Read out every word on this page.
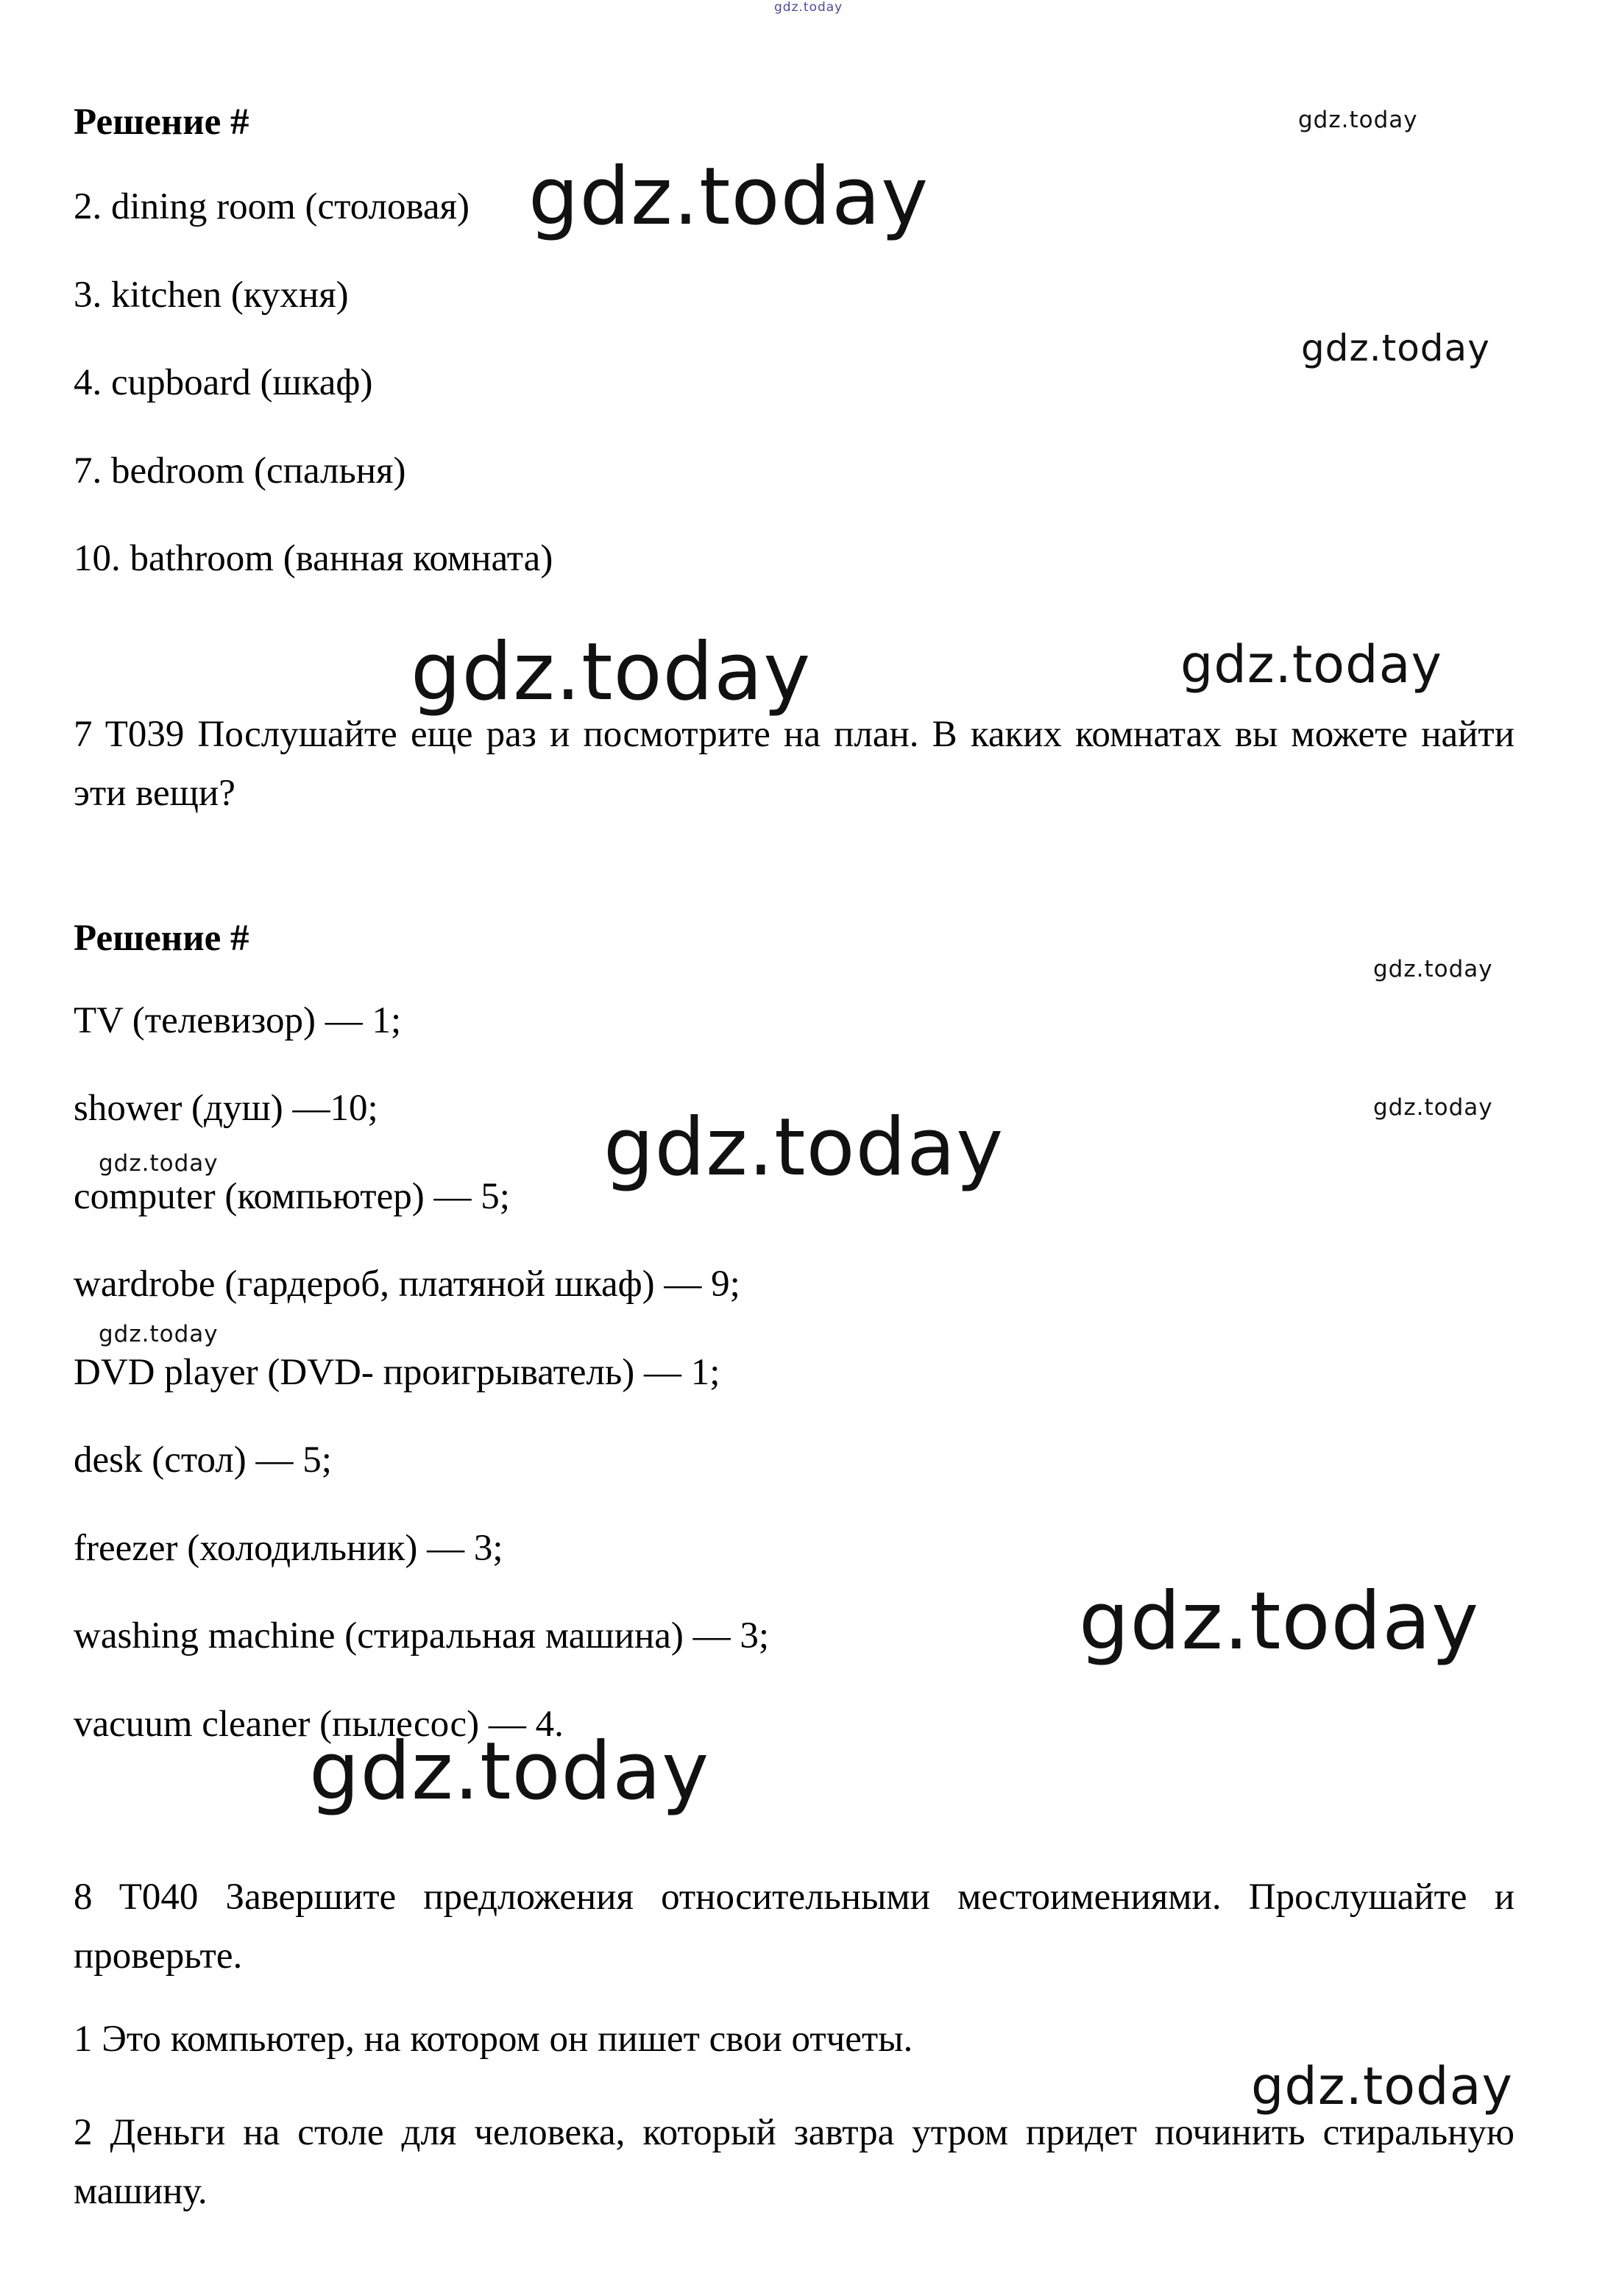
gdz.today
Решение #
2. dining room (столовая)
3. kitchen (кухня)
4. cupboard (шкаф)
7. bedroom (спальня)
10. bathroom (ванная комната)
7 T039 Послушайте еще раз и посмотрите на план. В каких комнатах вы можете найти эти вещи?
Решение #
TV (телевизор) — 1;
shower (душ) —10;
computer (компьютер) — 5;
wardrobe (гардероб, платяной шкаф) — 9;
DVD player (DVD- проигрыватель) — 1;
desk (стол) — 5;
freezer (холодильник) — 3;
washing machine (стиральная машина) — 3;
vacuum cleaner (пылесос) — 4.
8 T040 Завершите предложения относительными местоимениями. Прослушайте и проверьте.
1 Это компьютер, на котором он пишет свои отчеты.
2 Деньги на столе для человека, который завтра утром придет починить стиральную машину.
gdz.today
gdz.today
gdz.today
gdz.today	gdz.today
gdz.today
gdz.today
gdz.today	gdz.today
gdz.today
gdz.today
gdz.today
gdz.today
